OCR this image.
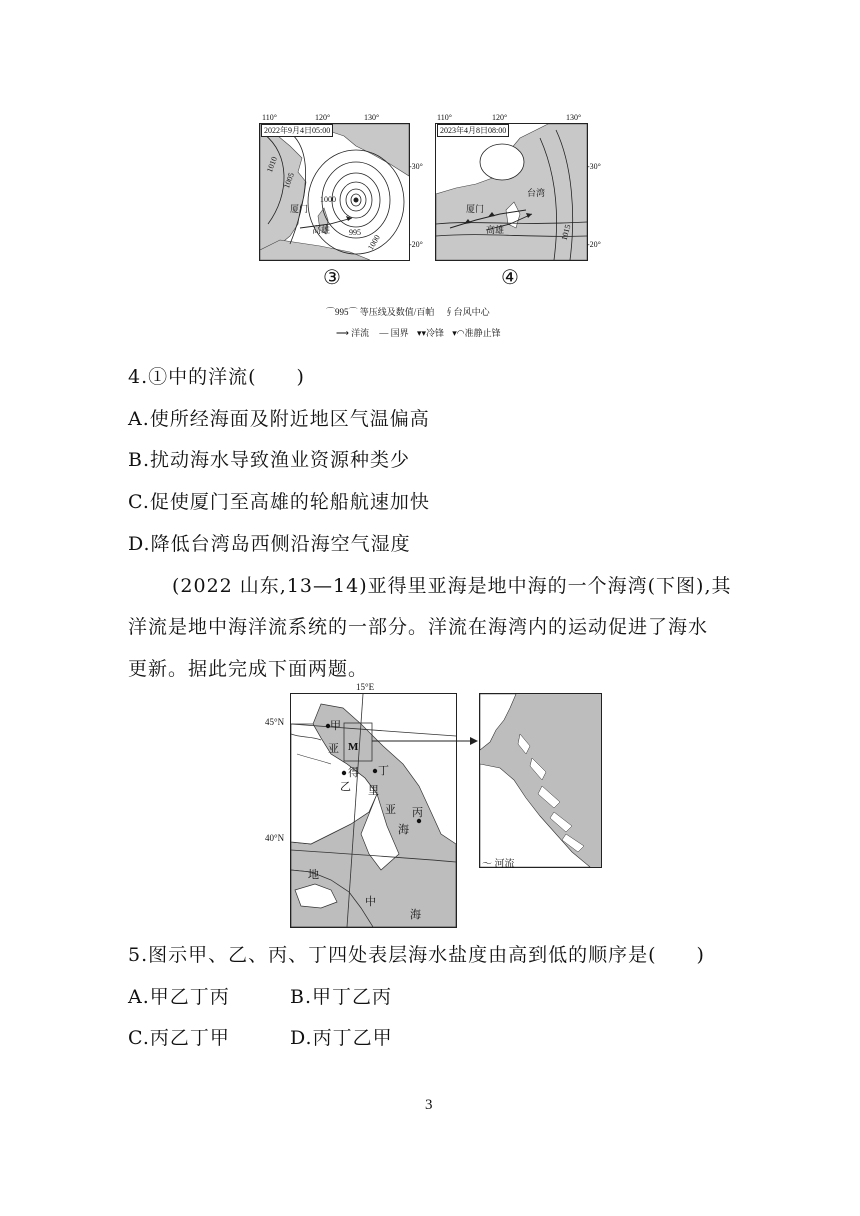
2022年9月4日05:00
110°	120°	130°
-30°
-20°
1010
1005
1000
995
1000
厦门
高雄
③
2023年4月8日08:00
110°	120°	130°
-30°
-20°
厦门
台湾
高雄	1015
④
⌒995⌒ 等压线及数值/百帕 ∮台风中心
⟶ 洋流 — 国界 ▾▾冷锋 ▾◠准静止锋
4.①中的洋流(　　)
A.使所经海面及附近地区气温偏高
B.扰动海水导致渔业资源种类少
C.促使厦门至高雄的轮船航速加快
D.降低台湾岛西侧沿海空气湿度
(2022 山东,13—14)亚得里亚海是地中海的一个海湾(下图),其
洋流是地中海洋流系统的一部分。洋流在海湾内的运动促进了海水
更新。据此完成下面两题。
15°E
45°N
40°N
甲
乙
丁
丙
M
亚
得
里
亚
海
地
中
海
〜 河流
5.图示甲、乙、丙、丁四处表层海水盐度由高到低的顺序是(　　)
A.甲乙丁丙	B.甲丁乙丙
C.丙乙丁甲	D.丙丁乙甲
3
